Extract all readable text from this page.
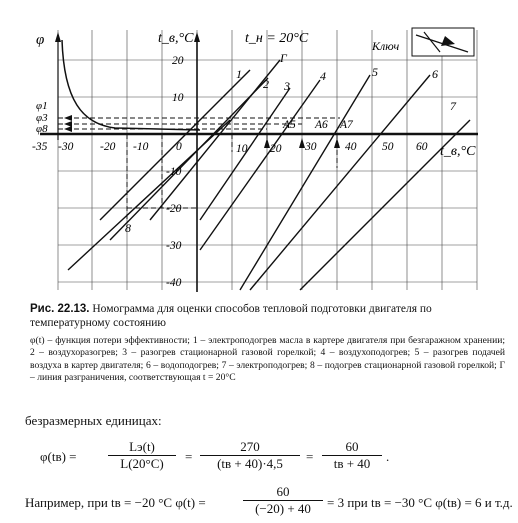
φ	t_в,°C	t_н = 20°C	Ключ
t_в,°C
-35 -30 -20 -10 0	10 20 30 40 50 60
20
10
-10
-20
-30
-40
φ1
φ3
φ8	A5 A6 A7
1
2
Г
3
4	5	6
7
8
Рис. 22.13. Номограмма для оценки способов тепловой подготовки двигателя по температурному состоянию
φ(t) – функция потери эффективности; 1 – электроподогрев масла в картере двигателя при безгаражном хранении; 2 – воздухоразогрев; 3 – разогрев стационарной газовой горелкой; 4 – воздухоподогрев; 5 – разогрев подачей воздуха в картер двигателя; 6 – водоподогрев; 7 – электроподогрев; 8 – подогрев стационарной газовой горелкой; Г – линия разграничения, соответствующая t = 20°C
безразмерных единицах:
φ(tв) =
Lэ(t)
L(20°C)	=
270
(tв + 40)·4,5	=
60
tв + 40	.
Например, при tв = −20 °C φ(t) =	$\frac{60}{(-20) + 40} = 3$ при tв = −30 °C φ(tв) = 6 и т.д.
